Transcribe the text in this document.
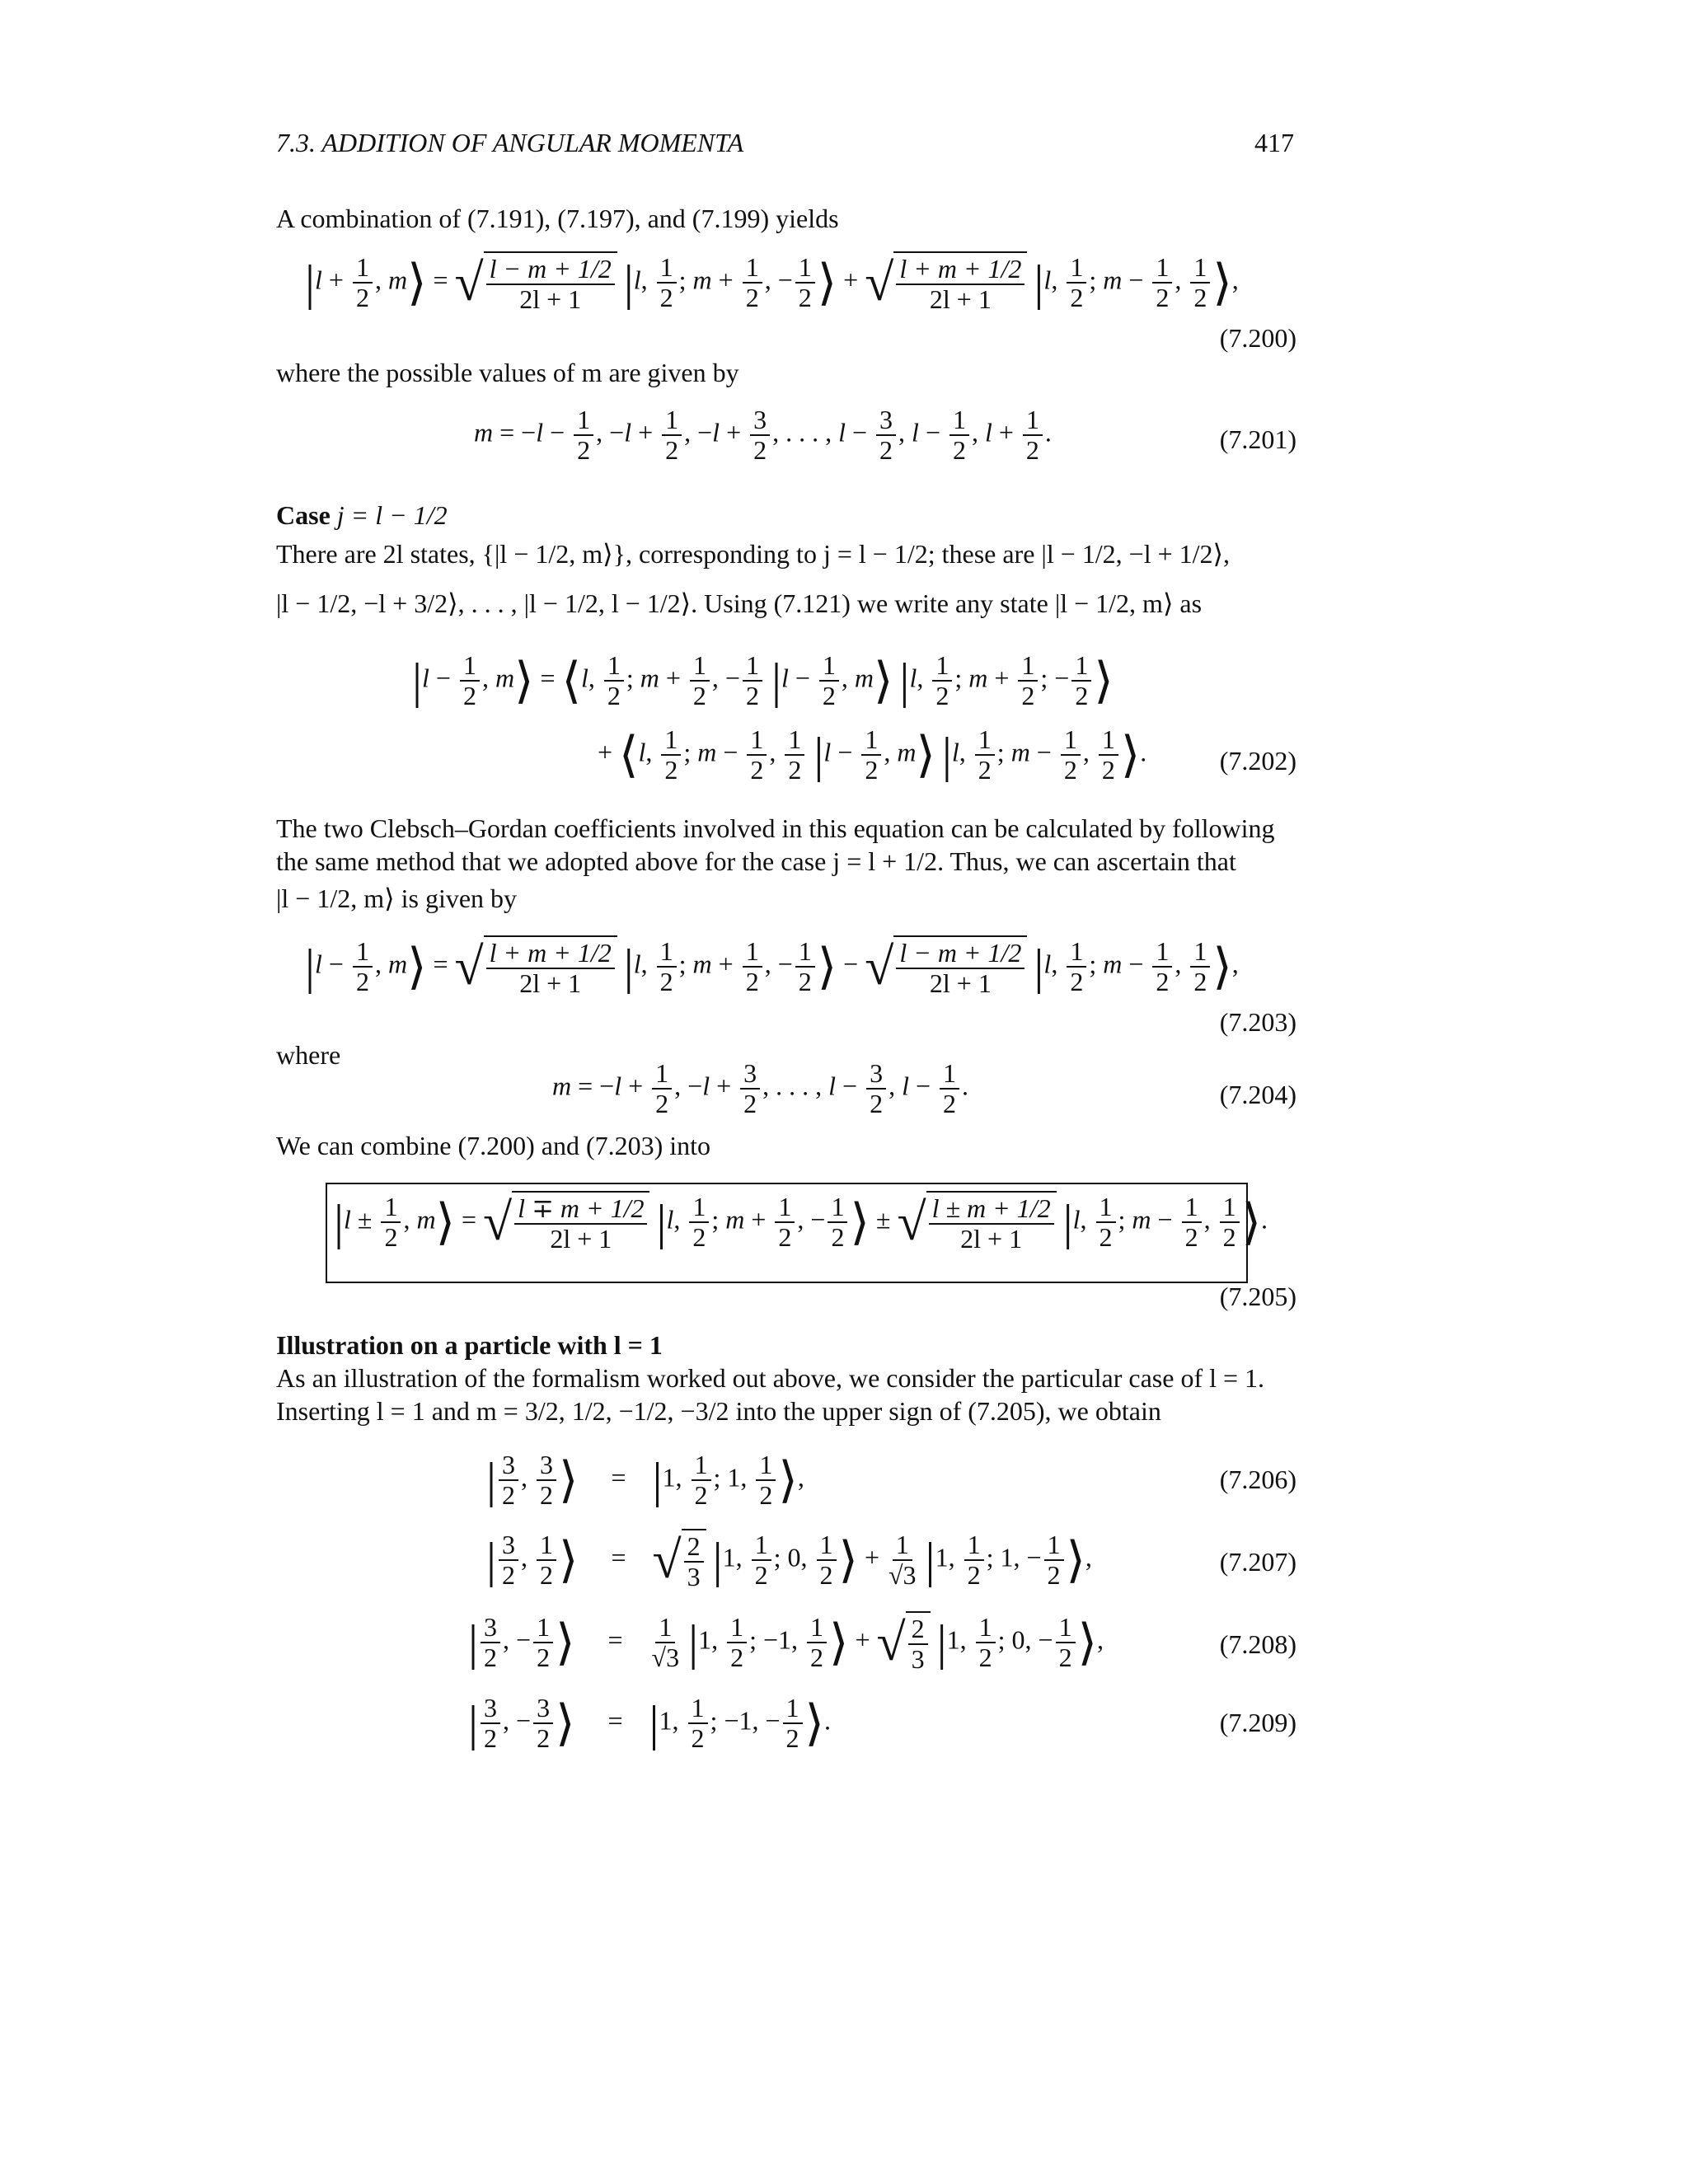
7.3. ADDITION OF ANGULAR MOMENTA	417
A combination of (7.191), (7.197), and (7.199) yields
$|l + \frac{1}{2}$ , m⟩ = √ $\frac{l - m + 1/2}{2l + 1} |l$, $\frac{1}{2}$ ; $m + \frac{1}{2}$ , − $\frac{1}{2}$ ⟩ + √ $\frac{l + m + 1/2}{2l + 1} |l$, $\frac{1}{2}$ ; $m - \frac{1}{2}$ , $\frac{1}{2}$ ⟩,
(7.200)
where the possible values of m are given by
$m = -l - \frac{1}{2}$ , $-l + \frac{1}{2}$ , $-l + \frac{3}{2}$ , . . . , $l - \frac{3}{2}$ , $l - \frac{1}{2}$ , $l + \frac{1}{2}$ .	(7.201)
Case j = l − 1/2
There are 2l states, {|l − 1/2, m⟩}, corresponding to j = l − 1/2; these are |l − 1/2, −l + 1/2⟩,
|l − 1/2, −l + 3/2⟩, . . . , |l − 1/2, l − 1/2⟩. Using (7.121) we write any state |l − 1/2, m⟩ as
$|l - \frac{1}{2}$ , m⟩ = ⟨l, $\frac{1}{2}$ ; $m + \frac{1}{2}$ , − $\frac{1}{2} |l - \frac{1}{2}$ , m⟩ |l, $\frac{1}{2}$ ; $m + \frac{1}{2}$ ; − $\frac{1}{2}$ ⟩
+ ⟨l, $\frac{1}{2}$ ; $m - \frac{1}{2}$ , $\frac{1}{2} |l - \frac{1}{2}$ , m⟩ |l, $\frac{1}{2}$ ; $m - \frac{1}{2}$ , $\frac{1}{2}$ ⟩.	(7.202)
The two Clebsch–Gordan coefficients involved in this equation can be calculated by following
the same method that we adopted above for the case j = l + 1/2. Thus, we can ascertain that
|l − 1/2, m⟩ is given by
$|l - \frac{1}{2}$ , m⟩ = √ $\frac{l + m + 1/2}{2l + 1} |l$, $\frac{1}{2}$ ; $m + \frac{1}{2}$ , − $\frac{1}{2}$ ⟩ − √ $\frac{l - m + 1/2}{2l + 1} |l$, $\frac{1}{2}$ ; $m - \frac{1}{2}$ , $\frac{1}{2}$ ⟩,
(7.203)
where
$m = -l + \frac{1}{2}$ , $-l + \frac{3}{2}$ , . . . , $l - \frac{3}{2}$ , $l - \frac{1}{2}$ .	(7.204)
We can combine (7.200) and (7.203) into
$|l \pm \frac{1}{2}$ , m⟩ = √ $\frac{l \mp m + 1/2}{2l + 1} |l$, $\frac{1}{2}$ ; $m + \frac{1}{2}$ , − $\frac{1}{2}$ ⟩ ± √ $\frac{l \pm m + 1/2}{2l + 1} |l$, $\frac{1}{2}$ ; $m - \frac{1}{2}$ , $\frac{1}{2}$ ⟩.
(7.205)
Illustration on a particle with l = 1
As an illustration of the formalism worked out above, we consider the particular case of l = 1.
Inserting l = 1 and m = 3/2, 1/2, −1/2, −3/2 into the upper sign of (7.205), we obtain
| $\frac{3}{2}$ , $\frac{3}{2}$ ⟩     =    |1, $\frac{1}{2}$ ; 1, $\frac{1}{2}$ ⟩,	(7.206)
| $\frac{3}{2}$ , $\frac{1}{2}$ ⟩     = √ $\frac{2}{3} |1$, $\frac{1}{2}$ ; 0, $\frac{1}{2}$ ⟩ + $\frac{1}{√3} |1$, $\frac{1}{2}$ ; 1, − $\frac{1}{2}$ ⟩,	(7.207)
| $\frac{3}{2}$ , − $\frac{1}{2}$ ⟩     = $\frac{1}{√3} |1$, $\frac{1}{2}$ ; −1, $\frac{1}{2}$ ⟩ + √ $\frac{2}{3} |1$, $\frac{1}{2}$ ; 0, − $\frac{1}{2}$ ⟩,	(7.208)
| $\frac{3}{2}$ , − $\frac{3}{2}$ ⟩     =    |1, $\frac{1}{2}$ ; −1, − $\frac{1}{2}$ ⟩.	(7.209)
